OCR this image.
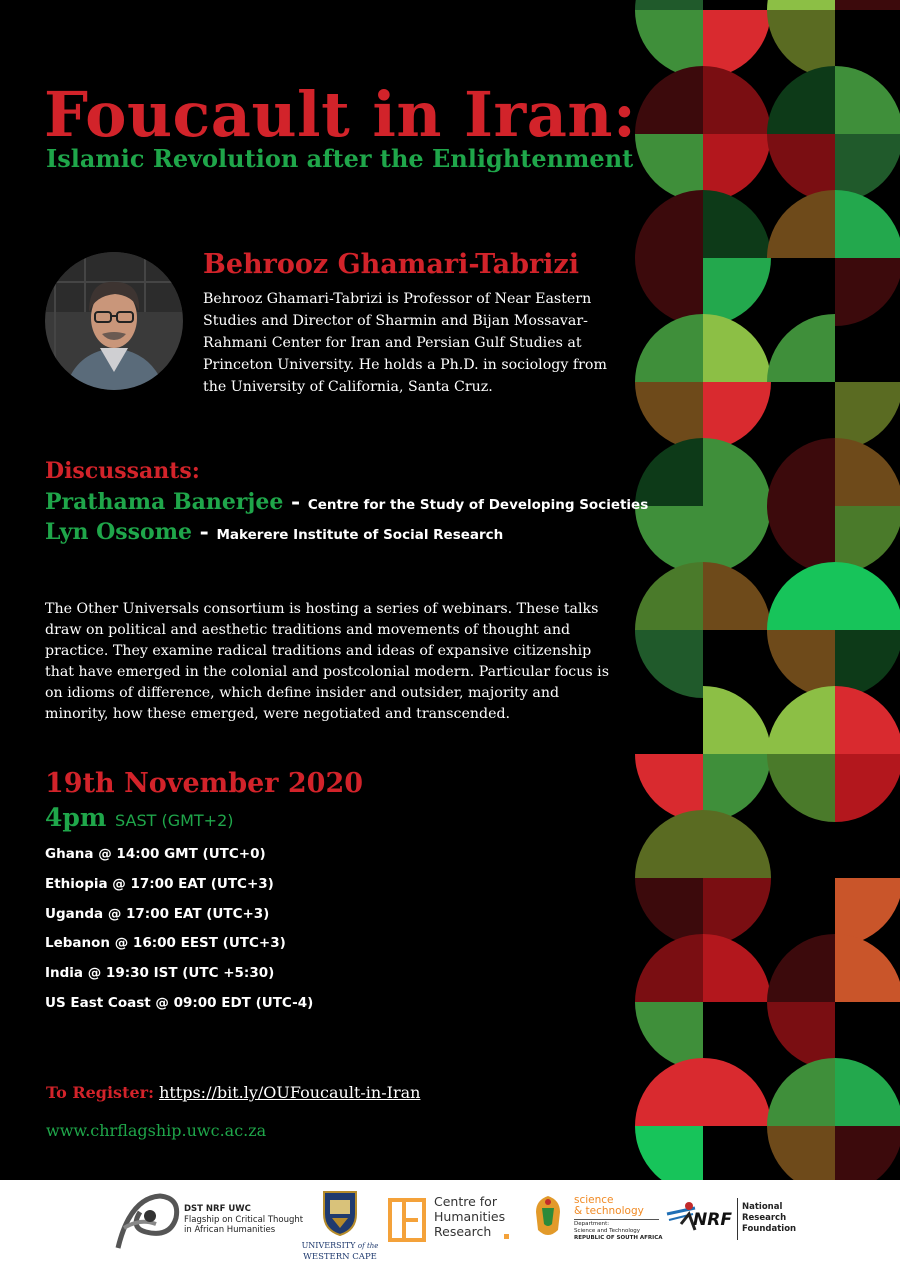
Foucault in Iran:
Islamic Revolution after the Enlightenment
Behrooz Ghamari-Tabrizi
Behrooz Ghamari-Tabrizi is Professor of Near Eastern Studies and Director of Sharmin and Bijan Mossavar-Rahmani Center for Iran and Persian Gulf Studies at Princeton University. He holds a Ph.D. in sociology from the University of California, Santa Cruz.
Discussants:
Prathama Banerjee - Centre for the Study of Developing Societies
Lyn Ossome - Makerere Institute of Social Research
The Other Universals consortium is hosting a series of webinars. These talks draw on political and aesthetic traditions and movements of thought and practice. They examine radical traditions and ideas of expansive citizenship that have emerged in the colonial and postcolonial modern. Particular focus is on idioms of difference, which define insider and outsider, majority and minority, how these emerged, were negotiated and transcended.
19th November 2020
4pm SAST (GMT+2)
Ghana @ 14:00 GMT (UTC+0)
Ethiopia @ 17:00 EAT (UTC+3)
Uganda @ 17:00 EAT (UTC+3)
Lebanon @ 16:00 EEST (UTC+3)
India @ 19:30 IST (UTC +5:30)
US East Coast @ 09:00 EDT (UTC-4)
To Register: https://bit.ly/OUFoucault-in-Iran
www.chrflagship.uwc.ac.za
DST NRF UWC
Flagship on Critical Thought
in African Humanities
UNIVERSITY of the
WESTERN CAPE
Centre for
Humanities
Research
science
& technology
Department:
Science and Technology
REPUBLIC OF SOUTH AFRICA
NRF
National
Research
Foundation
